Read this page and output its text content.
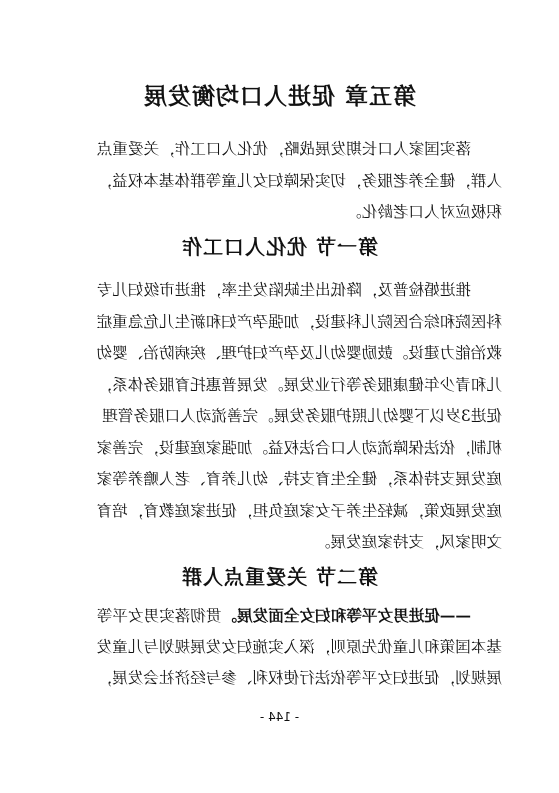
第五章 促进人口均衡发展
落实国家人口长期发展战略，优化人口工作，关爱重点
人群，健全养老服务，切实保障妇女儿童等群体基本权益，
积极应对人口老龄化。
第一节 优化人口工作
推进婚检普及，降低出生缺陷发生率，推进市级妇儿专
科医院和综合医院儿科建设，加强孕产妇和新生儿危急重症
救治能力建设。鼓励婴幼儿及孕产妇护理、疾病防治、婴幼
儿和青少年健康服务等行业发展。发展普惠托育服务体系，
促进3岁以下婴幼儿照护服务发展。完善流动人口服务管理
机制，依法保障流动人口合法权益。加强家庭建设，完善家
庭发展支持体系，健全生育支持、幼儿养育、老人赡养等家
庭发展政策，减轻生养子女家庭负担，促进家庭教育，培育
文明家风，支持家庭发展。
第二节 关爱重点人群
——促进男女平等和妇女全面发展。贯彻落实男女平等
基本国策和儿童优先原则，深入实施妇女发展规划与儿童发
展规划，促进妇女平等依法行使权利、参与经济社会发展，
- 144 -
